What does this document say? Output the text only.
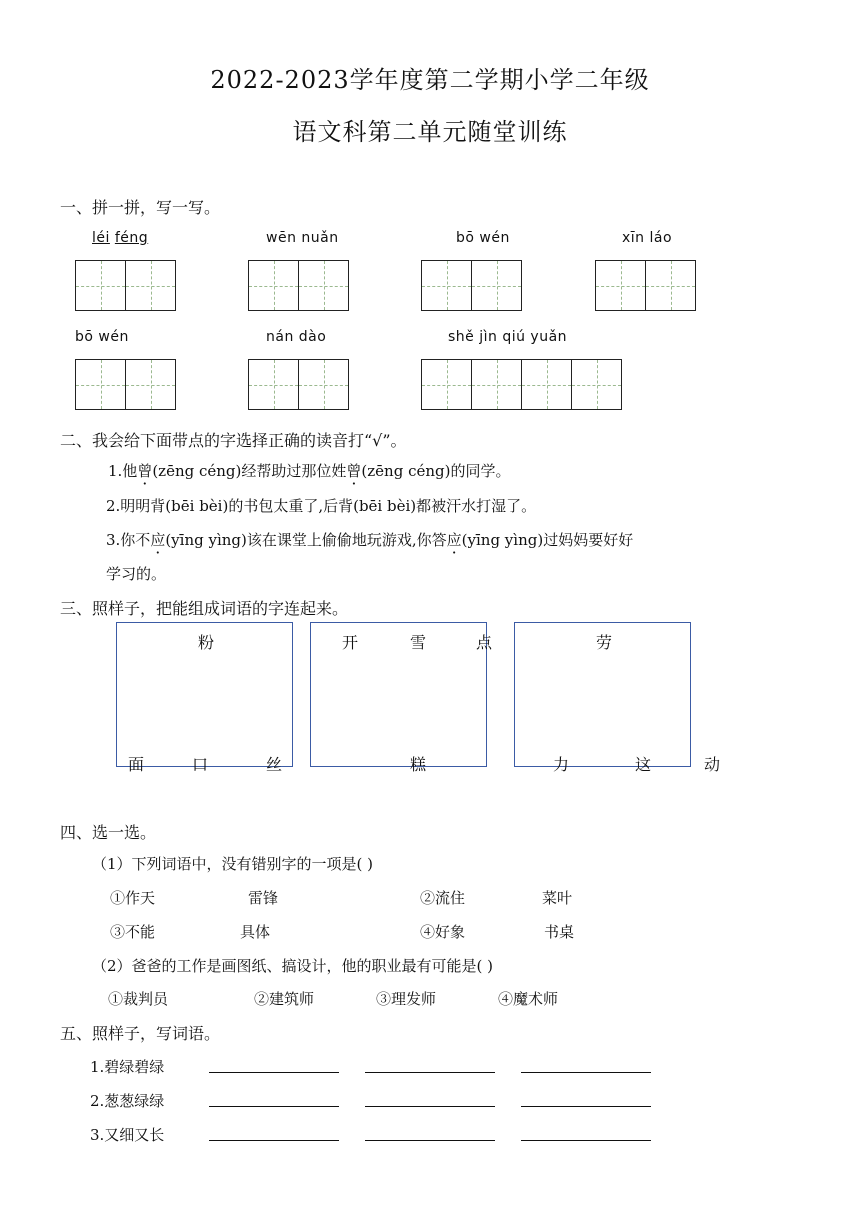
2022-2023学年度第二学期小学二年级
语文科第二单元随堂训练
一、拼一拼，写一写。
léi féng	wēn nuǎn	bō wén	xīn láo
bō wén	nán dào	shě jìn qiú yuǎn
二、我会给下面带点的字选择正确的读音打“√”。
1.他曾(zēng céng)经帮助过那位姓曾(zēng céng)的同学。
2.明明背(bēi bèi)的书包太重了,后背(bēi bèi)都被汗水打湿了。
3.你不应(yīng yìng)该在课堂上偷偷地玩游戏,你答应(yīng yìng)过妈妈要好好
学习的。
三、照样子，把能组成词语的字连起来。
粉
面	口	丝
开	雪	点
糕
劳
力	这	动
四、选一选。
（1）下列词语中，没有错别字的一项是( )
①作天	雷锋	②流住	菜叶
③不能	具体	④好象	书桌
（2）爸爸的工作是画图纸、搞设计，他的职业最有可能是( )
①裁判员	②建筑师	③理发师	④魔术师
五、照样子，写词语。
1.碧绿碧绿
2.葱葱绿绿
3.又细又长
